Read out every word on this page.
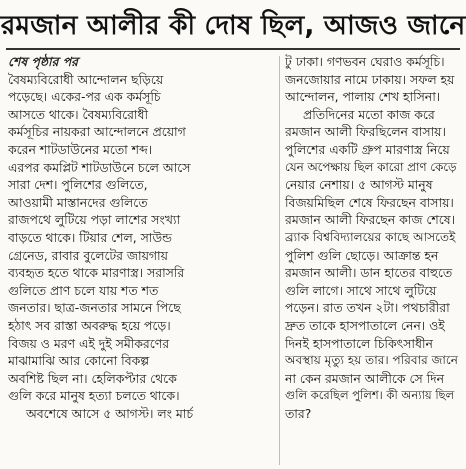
রমজান আলীর কী দোষ ছিল, আজও জানে
শেষ পৃষ্ঠার পর
বৈষম্যবিরোধী আন্দোলন ছড়িয়ে
পড়েছে। একের-পর এক কর্মসূচি
আসতে থাকে। বৈষম্যবিরোধী
কর্মসূচির নায়করা আন্দোলনে প্রয়োগ
করেন শাটডাউনের মতো শব্দ।
এরপর কমপ্লিট শাটডাউনে চলে আসে
সারা দেশ। পুলিশের গুলিতে,
আওয়ামী মাস্তানদের গুলিতে
রাজপথে লুটিয়ে পড়া লাশের সংখ্যা
বাড়তে থাকে। টিয়ার শেল, সাউন্ড
গ্রেনেড, রাবার বুলেটের জায়গায়
ব্যবহৃত হতে থাকে মারণাস্ত্র। সরাসরি
গুলিতে প্রাণ চলে যায় শত শত
জনতার। ছাত্র-জনতার সামনে পিছে
হঠাৎ সব রাস্তা অবরুদ্ধ হয়ে পড়ে।
বিজয় ও মরণ এই দুই সমীকরণের
মাঝামাঝি আর কোনো বিকল্প
অবশিষ্ট ছিল না। হেলিকপ্টার থেকে
গুলি করে মানুষ হত্যা চলতে থাকে।
অবশেষে আসে ৫ আগস্ট। লং মার্চ
টু ঢাকা। গণভবন ঘেরাও কর্মসূচি।
জনজোয়ার নামে ঢাকায়। সফল হয়
আন্দোলন, পালায় শেখ হাসিনা।
প্রতিদিনের মতো কাজ করে
রমজান আলী ফিরছিলেন বাসায়।
পুলিশের একটি গ্রুপ মারণাস্ত্র নিয়ে
যেন অপেক্ষায় ছিল কারো প্রাণ কেড়ে
নেয়ার নেশায়। ৫ আগস্ট মানুষ
বিজয়মিছিল শেষে ফিরছেন বাসায়।
রমজান আলী ফিরছেন কাজ শেষে।
ব্র্যাক বিশ্ববিদ্যালয়ের কাছে আসতেই
পুলিশ গুলি ছোড়ে। আক্রান্ত হন
রমজান আলী। ডান হাতের বাহুতে
গুলি লাগে। সাথে সাথে লুটিয়ে
পড়েন। রাত তখন ২টা। পথচারীরা
দ্রুত তাকে হাসপাতালে নেন। ওই
দিনই হাসপাতালে চিকিৎসাধীন
অবস্থায় মৃত্যু হয় তার। পরিবার জানে
না কেন রমজান আলীকে সে দিন
গুলি করেছিল পুলিশ। কী অন্যায় ছিল
তার?
